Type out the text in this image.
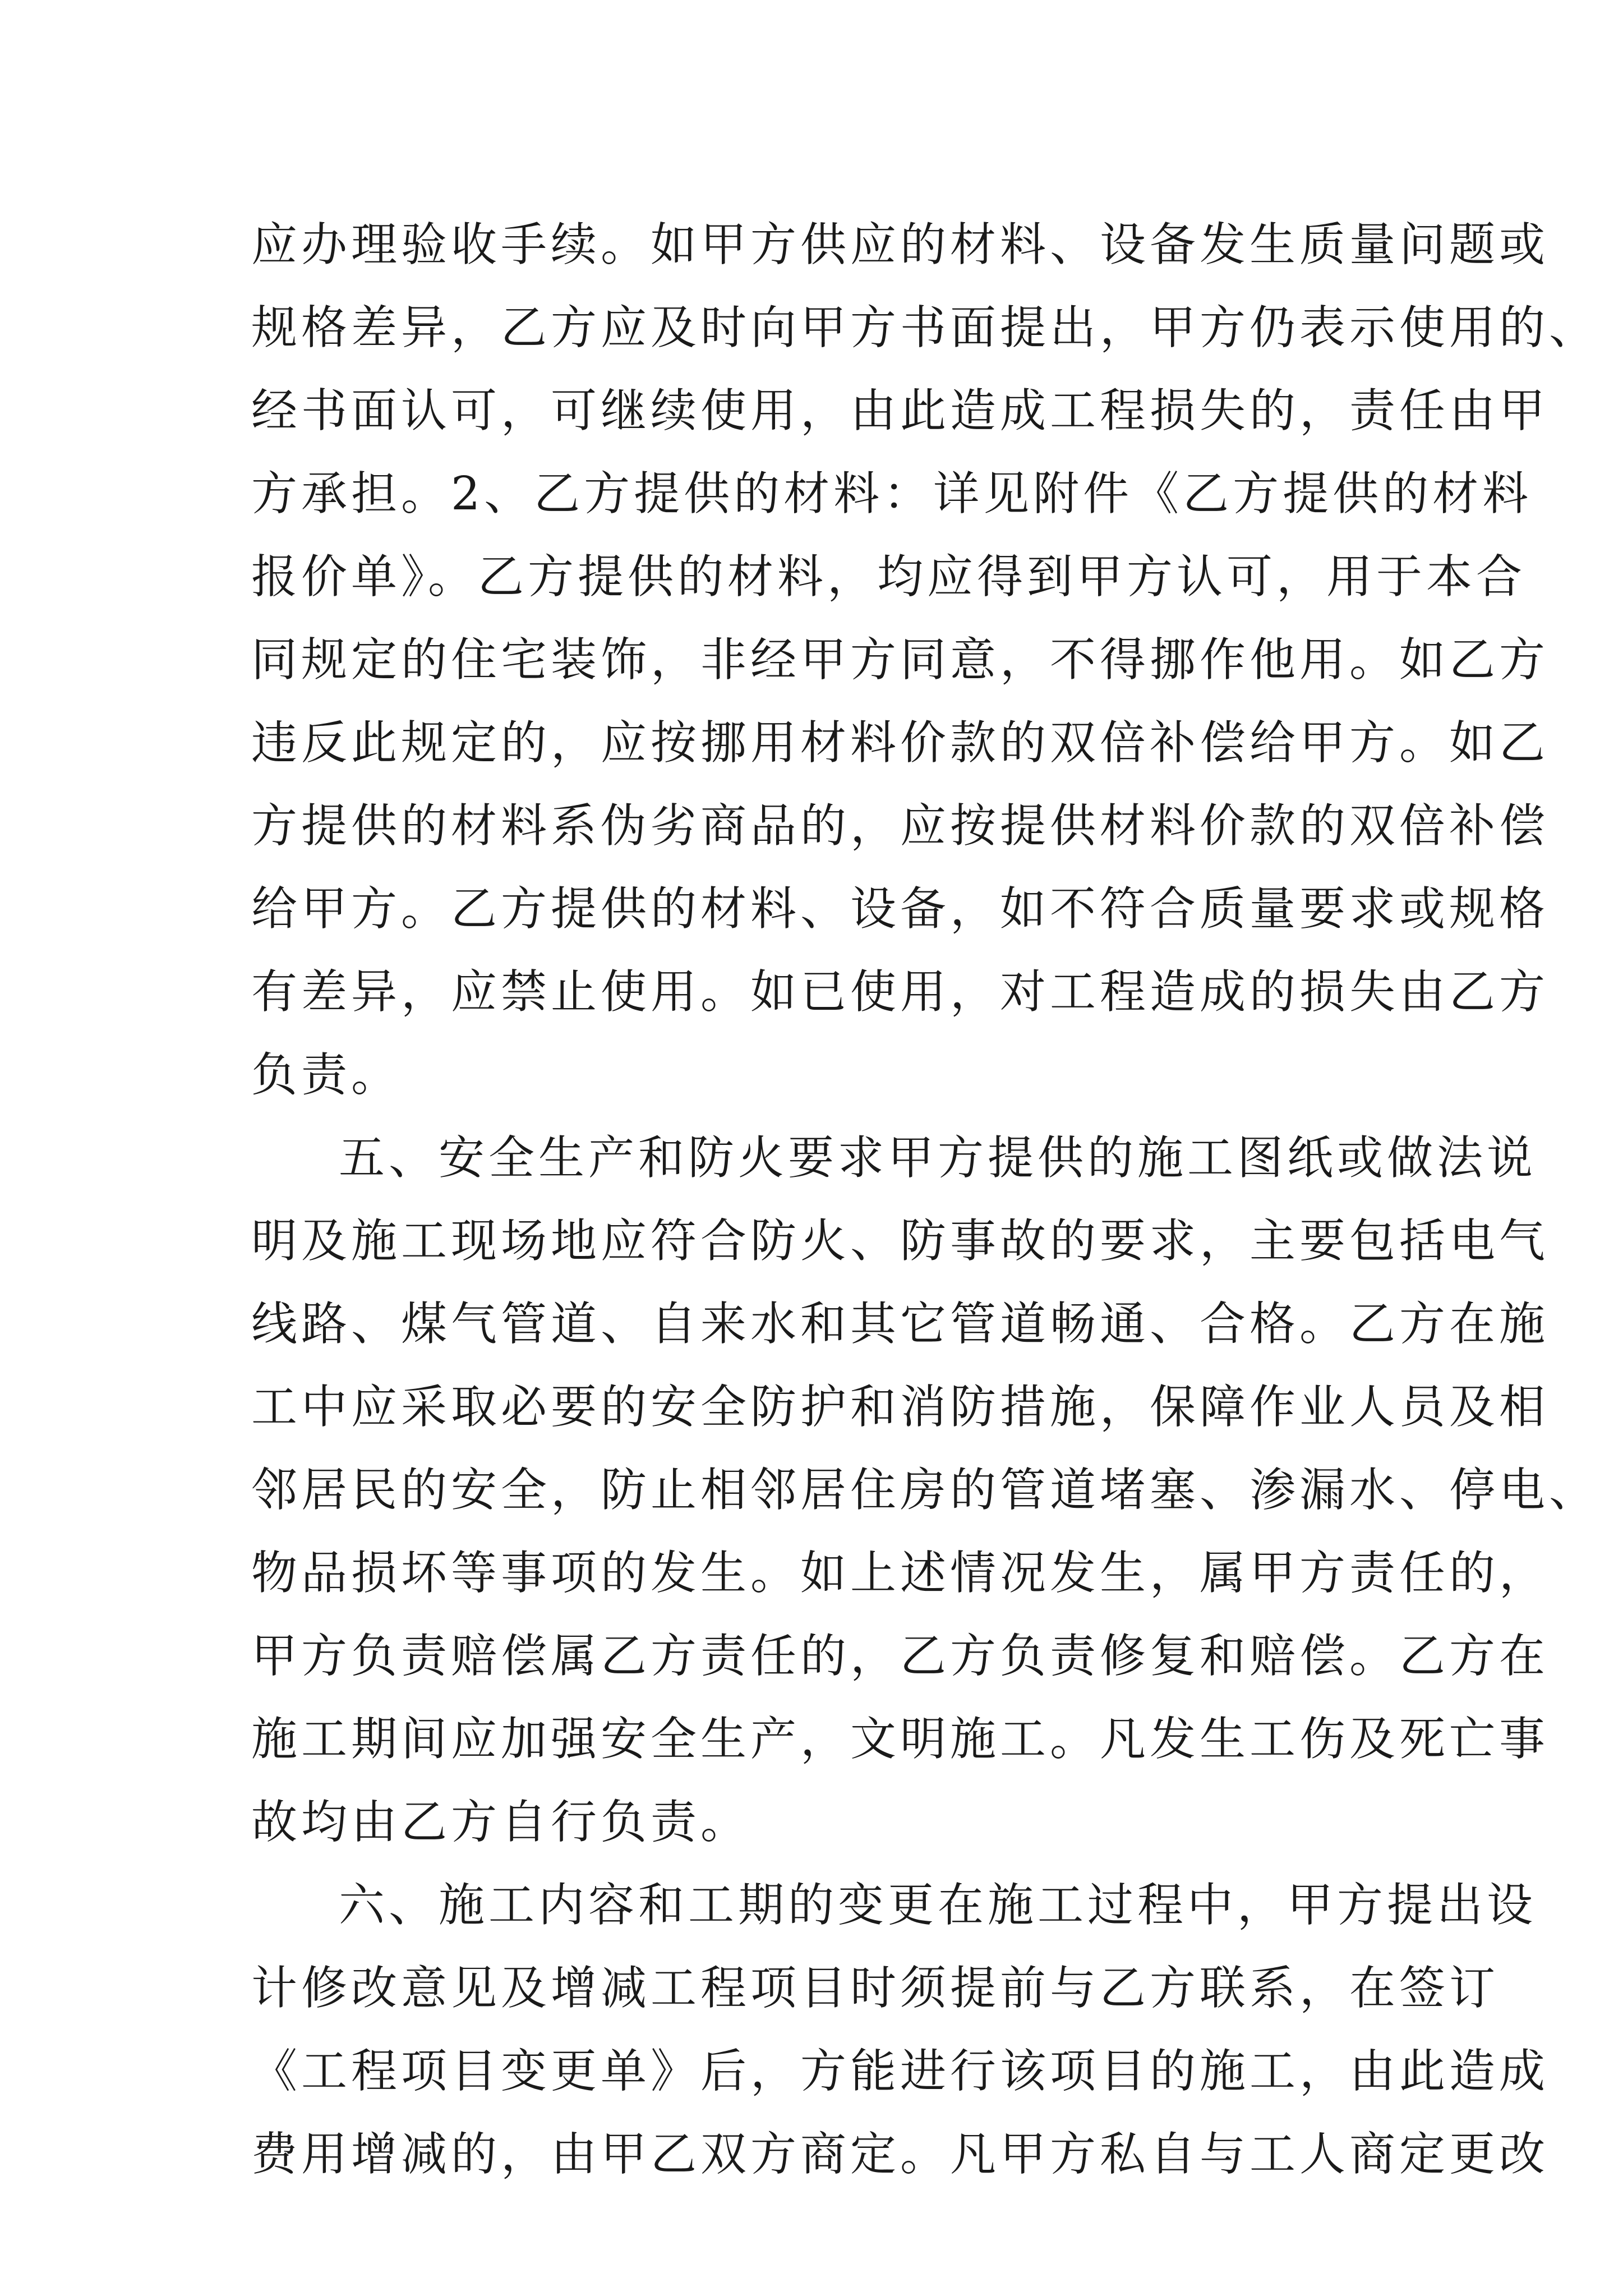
应办理验收手续。如甲方供应的材料、设备发生质量问题或
规格差异，乙方应及时向甲方书面提出，甲方仍表示使用的、
经书面认可，可继续使用，由此造成工程损失的，责任由甲
方承担。2、乙方提供的材料：详见附件《乙方提供的材料
报价单》。乙方提供的材料，均应得到甲方认可，用于本合
同规定的住宅装饰，非经甲方同意，不得挪作他用。如乙方
违反此规定的，应按挪用材料价款的双倍补偿给甲方。如乙
方提供的材料系伪劣商品的，应按提供材料价款的双倍补偿
给甲方。乙方提供的材料、设备，如不符合质量要求或规格
有差异，应禁止使用。如已使用，对工程造成的损失由乙方
负责。
五、安全生产和防火要求甲方提供的施工图纸或做法说
明及施工现场地应符合防火、防事故的要求，主要包括电气
线路、煤气管道、自来水和其它管道畅通、合格。乙方在施
工中应采取必要的安全防护和消防措施，保障作业人员及相
邻居民的安全，防止相邻居住房的管道堵塞、渗漏水、停电、
物品损坏等事项的发生。如上述情况发生，属甲方责任的，
甲方负责赔偿属乙方责任的，乙方负责修复和赔偿。乙方在
施工期间应加强安全生产，文明施工。凡发生工伤及死亡事
故均由乙方自行负责。
六、施工内容和工期的变更在施工过程中，甲方提出设
计修改意见及增减工程项目时须提前与乙方联系，在签订
《工程项目变更单》后，方能进行该项目的施工，由此造成
费用增减的，由甲乙双方商定。凡甲方私自与工人商定更改
